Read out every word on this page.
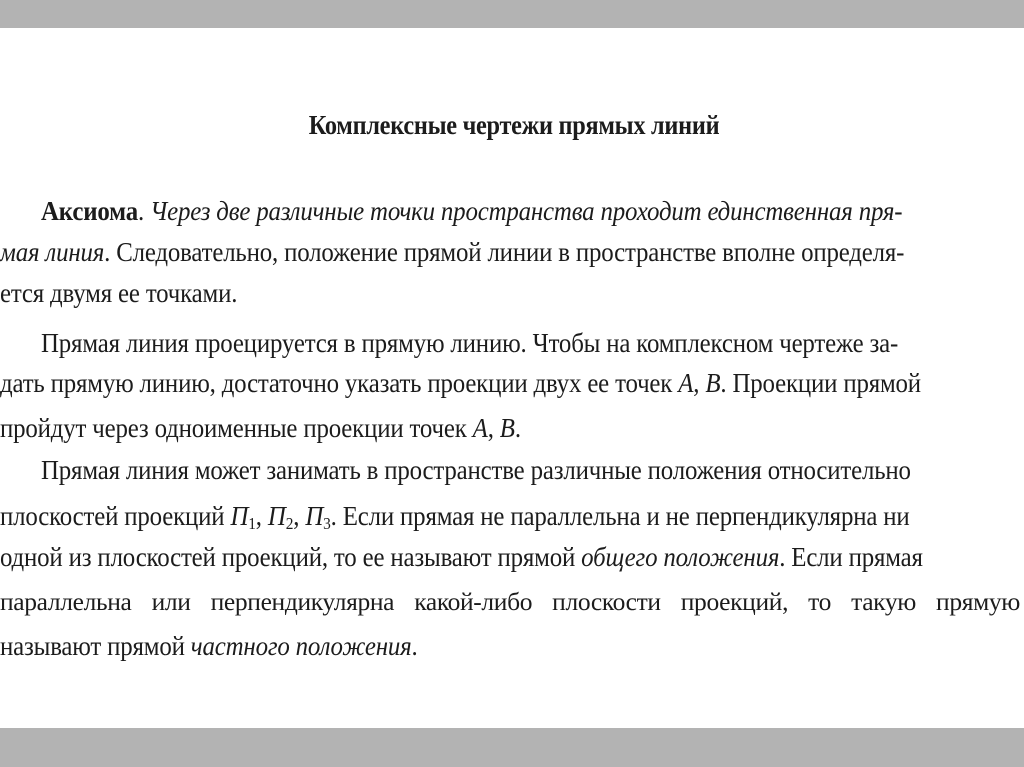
Комплексные чертежи прямых линий
Аксиома. Через две различные точки пространства проходит единственная пря-
мая линия. Следовательно, положение прямой линии в пространстве вполне определя-
ется двумя ее точками.
Прямая линия проецируется в прямую линию. Чтобы на комплексном чертеже за-
дать прямую линию, достаточно указать проекции двух ее точек A, B. Проекции прямой
пройдут через одноименные проекции точек A, B.
Прямая линия может занимать в пространстве различные положения относительно
плоскостей проекций $П_1$, $П_2$, $П_3$. Если прямая не параллельна и не перпендикулярна ни
одной из плоскостей проекций, то ее называют прямой общего положения. Если прямая
параллельна или перпендикулярна какой-либо плоскости проекций, то такую прямую
называют прямой частного положения.
